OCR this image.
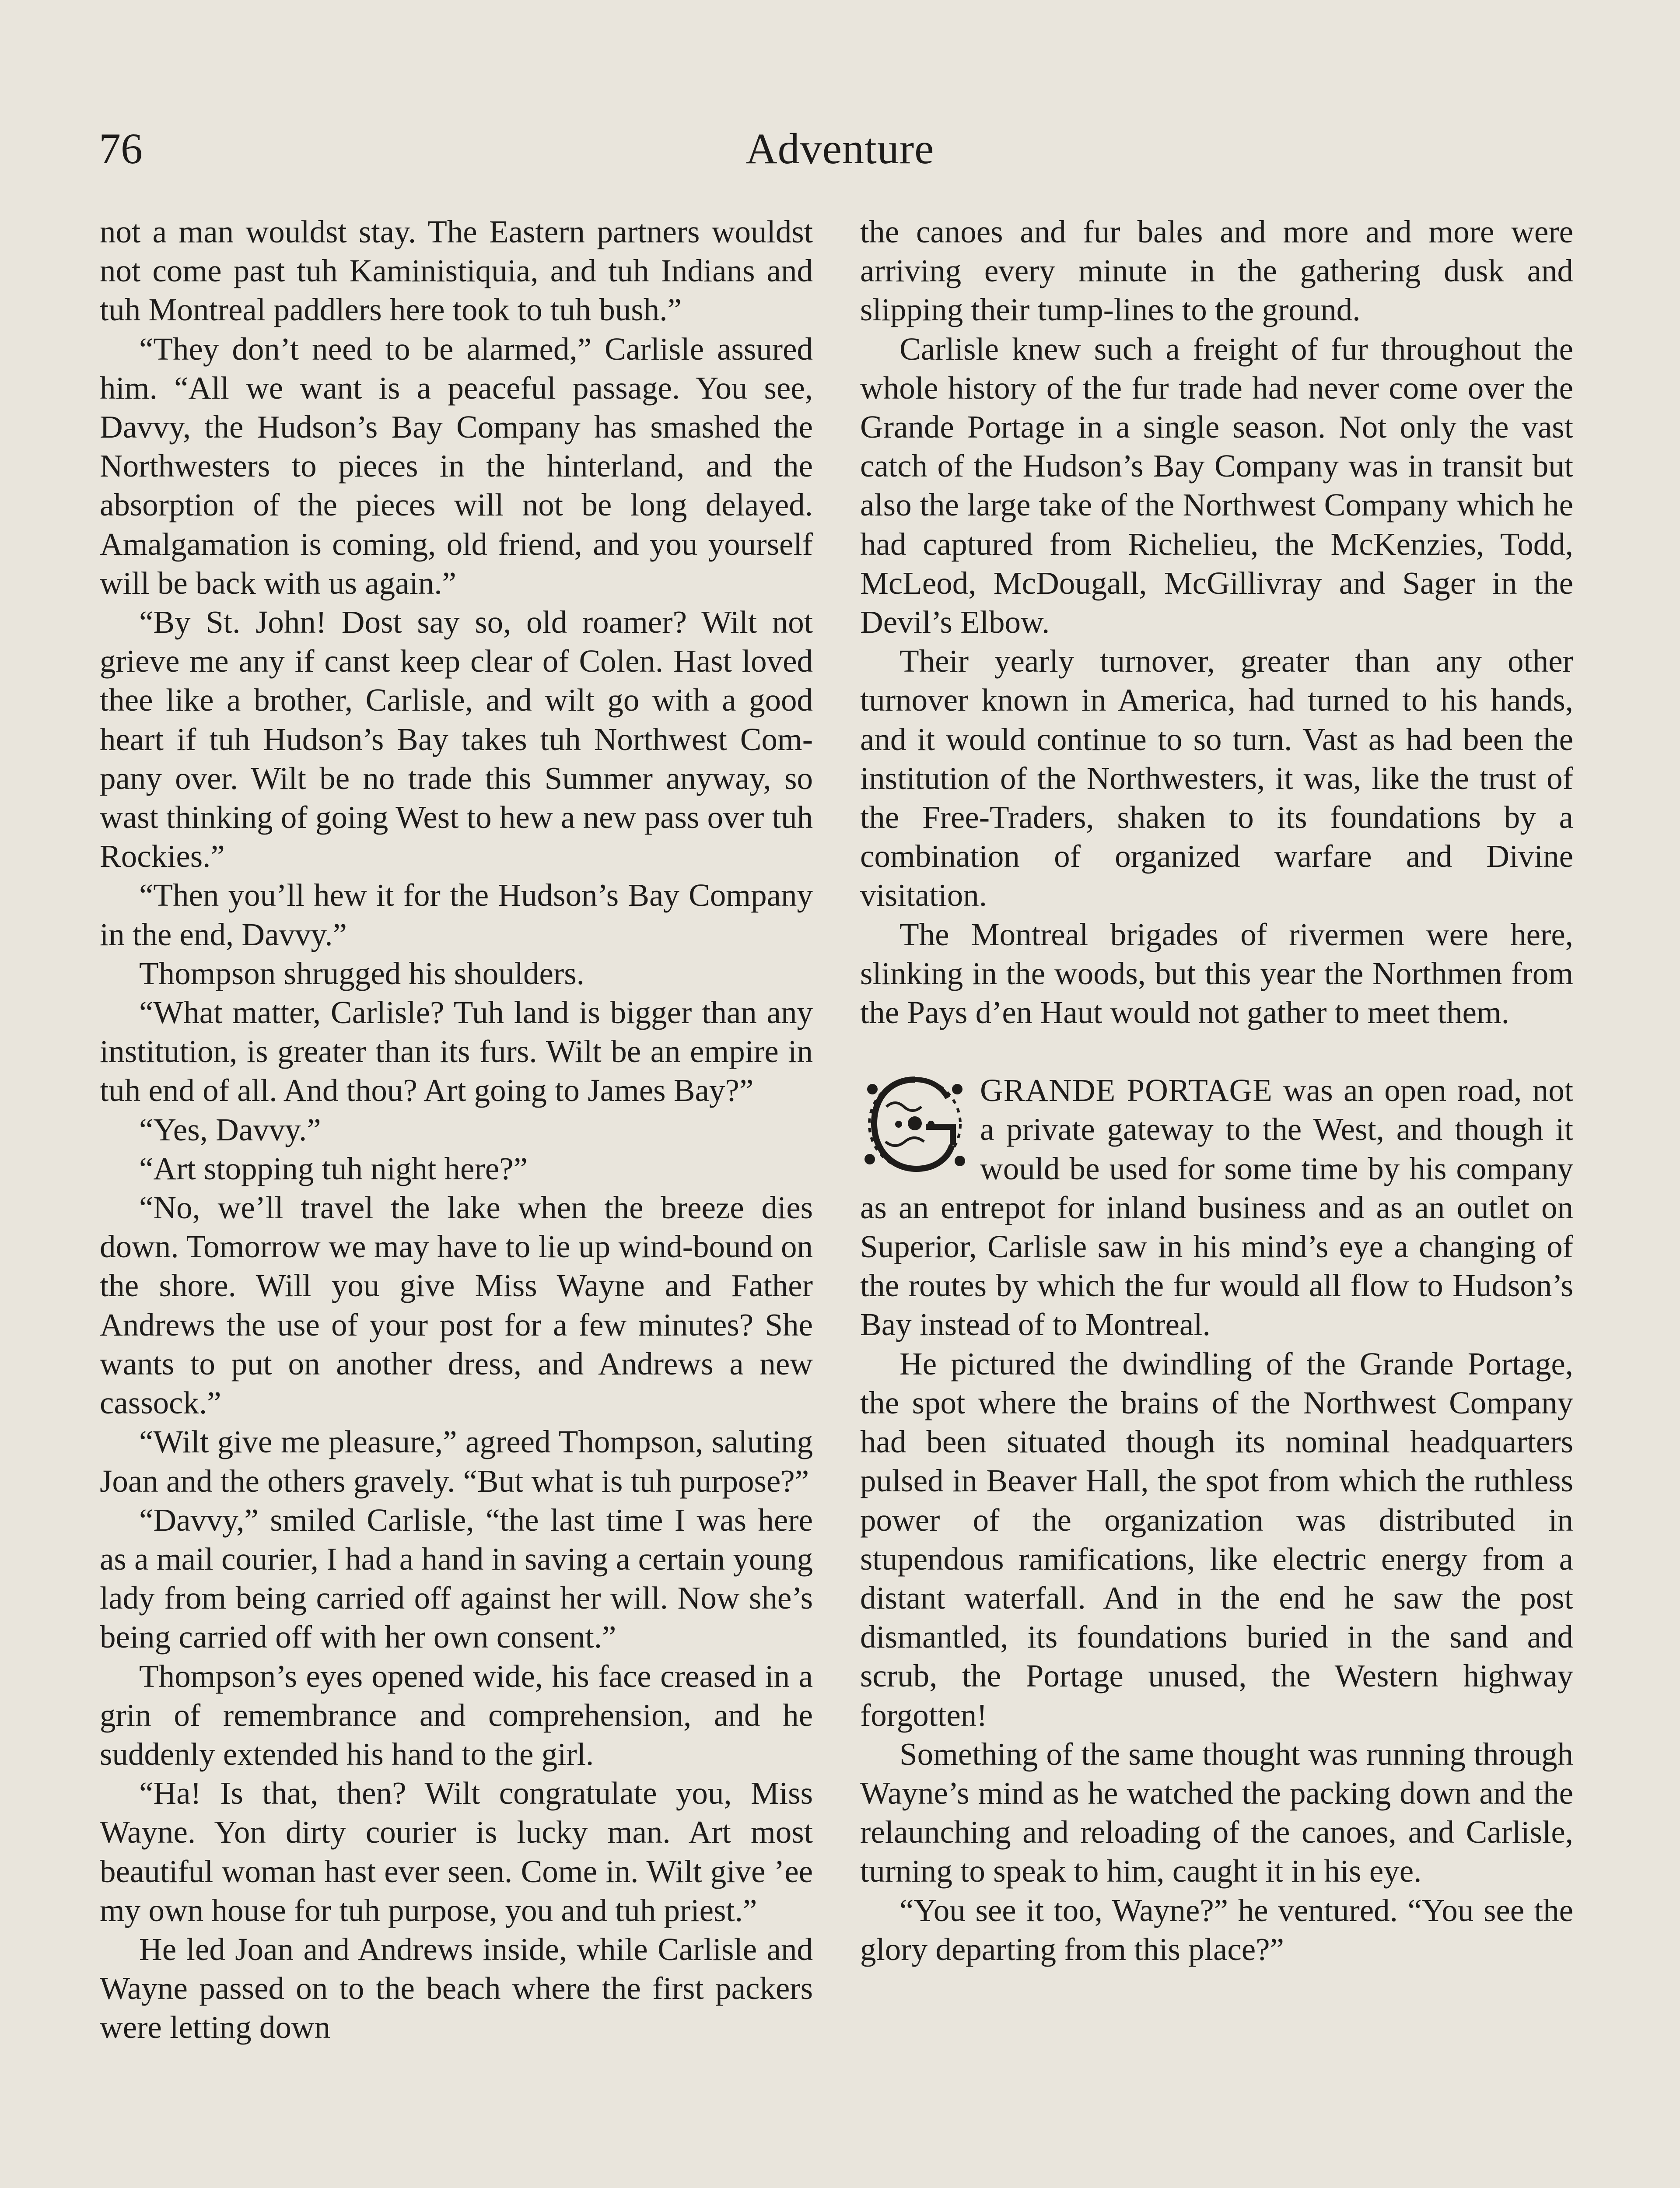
76	Adventure

not a man wouldst stay. The Eastern partners wouldst not come past tuh Kaministiquia, and tuh Indians and tuh Montreal paddlers here took to tuh bush.”

“They don’t need to be alarmed,” Carlisle assured him. “All we want is a peaceful passage. You see, Davvy, the Hudson’s Bay Company has smashed the Northwesters to pieces in the hinterland, and the absorption of the pieces will not be long delayed. Amalgamation is coming, old friend, and you yourself will be back with us again.”

“By St. John! Dost say so, old roamer? Wilt not grieve me any if canst keep clear of Colen. Hast loved thee like a brother, Carlisle, and wilt go with a good heart if tuh Hudson’s Bay takes tuh Northwest Company over. Wilt be no trade this Summer anyway, so wast thinking of going West to hew a new pass over tuh Rockies.”

“Then you’ll hew it for the Hudson’s Bay Company in the end, Davvy.”

Thompson shrugged his shoulders.

“What matter, Carlisle? Tuh land is bigger than any institution, is greater than its furs. Wilt be an empire in tuh end of all. And thou? Art going to James Bay?”

“Yes, Davvy.”

“Art stopping tuh night here?”

“No, we’ll travel the lake when the breeze dies down. Tomorrow we may have to lie up wind-bound on the shore. Will you give Miss Wayne and Father Andrews the use of your post for a few minutes? She wants to put on another dress, and Andrews a new cassock.”

“Wilt give me pleasure,” agreed Thompson, saluting Joan and the others gravely. “But what is tuh purpose?”

“Davvy,” smiled Carlisle, “the last time I was here as a mail courier, I had a hand in saving a certain young lady from being carried off against her will. Now she’s being carried off with her own consent.”

Thompson’s eyes opened wide, his face creased in a grin of remembrance and comprehension, and he suddenly extended his hand to the girl.

“Ha! Is that, then? Wilt congratulate you, Miss Wayne. Yon dirty courier is lucky man. Art most beautiful woman hast ever seen. Come in. Wilt give ’ee my own house for tuh purpose, you and tuh priest.”

He led Joan and Andrews inside, while Carlisle and Wayne passed on to the beach where the first packers were letting down

the canoes and fur bales and more and more were arriving every minute in the gathering dusk and slipping their tump-lines to the ground.

Carlisle knew such a freight of fur throughout the whole history of the fur trade had never come over the Grande Portage in a single season. Not only the vast catch of the Hudson’s Bay Company was in transit but also the large take of the Northwest Company which he had captured from Richelieu, the McKenzies, Todd, McLeod, McDougall, McGillivray and Sager in the Devil’s Elbow.

Their yearly turnover, greater than any other turnover known in America, had turned to his hands, and it would continue to so turn. Vast as had been the institution of the Northwesters, it was, like the trust of the Free-Traders, shaken to its foundations by a combination of organized warfare and Divine visitation.

The Montreal brigades of rivermen were here, slinking in the woods, but this year the Northmen from the Pays d’en Haut would not gather to meet them.

GRANDE PORTAGE was an open road, not a private gateway to the West, and though it would be used for some time by his company as an entrepot for inland business and as an outlet on Superior, Carlisle saw in his mind’s eye a changing of the routes by which the fur would all flow to Hudson’s Bay instead of to Montreal.

He pictured the dwindling of the Grande Portage, the spot where the brains of the Northwest Company had been situated though its nominal headquarters pulsed in Beaver Hall, the spot from which the ruthless power of the organization was distributed in stupendous ramifications, like electric energy from a distant waterfall. And in the end he saw the post dismantled, its foundations buried in the sand and scrub, the Portage unused, the Western highway forgotten!

Something of the same thought was running through Wayne’s mind as he watched the packing down and the relaunching and reloading of the canoes, and Carlisle, turning to speak to him, caught it in his eye.

“You see it too, Wayne?” he ventured. “You see the glory departing from this place?”
